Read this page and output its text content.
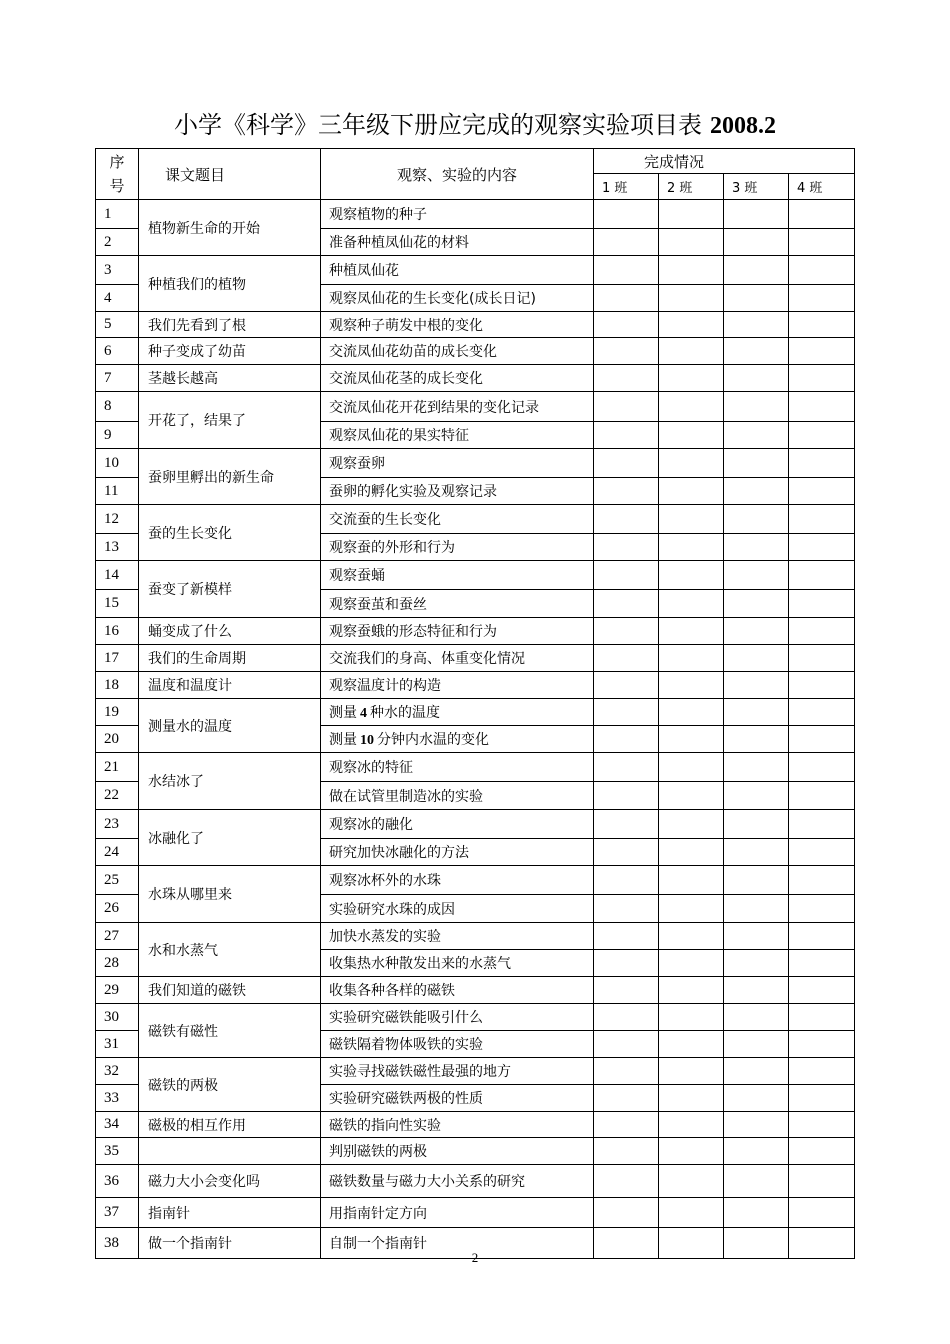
小学《科学》三年级下册应完成的观察实验项目表 2008.2
序
号	课文题目	观察、实验的内容	完成情况			
			1 班	2 班	3 班	4 班
1	植物新生命的开始	观察植物的种子				
2		准备种植凤仙花的材料				
3	种植我们的植物	种植凤仙花				
4		观察凤仙花的生长变化(成长日记)				
5	我们先看到了根	观察种子萌发中根的变化				
6	种子变成了幼苗	交流凤仙花幼苗的成长变化				
7	茎越长越高	交流凤仙花茎的成长变化				
8	开花了，结果了	交流凤仙花开花到结果的变化记录				
9		观察凤仙花的果实特征				
10	蚕卵里孵出的新生命	观察蚕卵				
11		蚕卵的孵化实验及观察记录				
12	蚕的生长变化	交流蚕的生长变化				
13		观察蚕的外形和行为				
14	蚕变了新模样	观察蚕蛹				
15		观察蚕茧和蚕丝				
16	蛹变成了什么	观察蚕蛾的形态特征和行为				
17	我们的生命周期	交流我们的身高、体重变化情况				
18	温度和温度计	观察温度计的构造				
19	测量水的温度	测量 4 种水的温度				
20		测量 10 分钟内水温的变化				
21	水结冰了	观察冰的特征				
22		做在试管里制造冰的实验				
23	冰融化了	观察冰的融化				
24		研究加快冰融化的方法				
25	水珠从哪里来	观察冰杯外的水珠				
26		实验研究水珠的成因				
27	水和水蒸气	加快水蒸发的实验				
28		收集热水种散发出来的水蒸气				
29	我们知道的磁铁	收集各种各样的磁铁				
30	磁铁有磁性	实验研究磁铁能吸引什么				
31		磁铁隔着物体吸铁的实验				
32	磁铁的两极	实验寻找磁铁磁性最强的地方				
33		实验研究磁铁两极的性质				
34	磁极的相互作用	磁铁的指向性实验				
35		判别磁铁的两极				
36	磁力大小会变化吗	磁铁数量与磁力大小关系的研究				
37	指南针	用指南针定方向				
38	做一个指南针	自制一个指南针				
2
